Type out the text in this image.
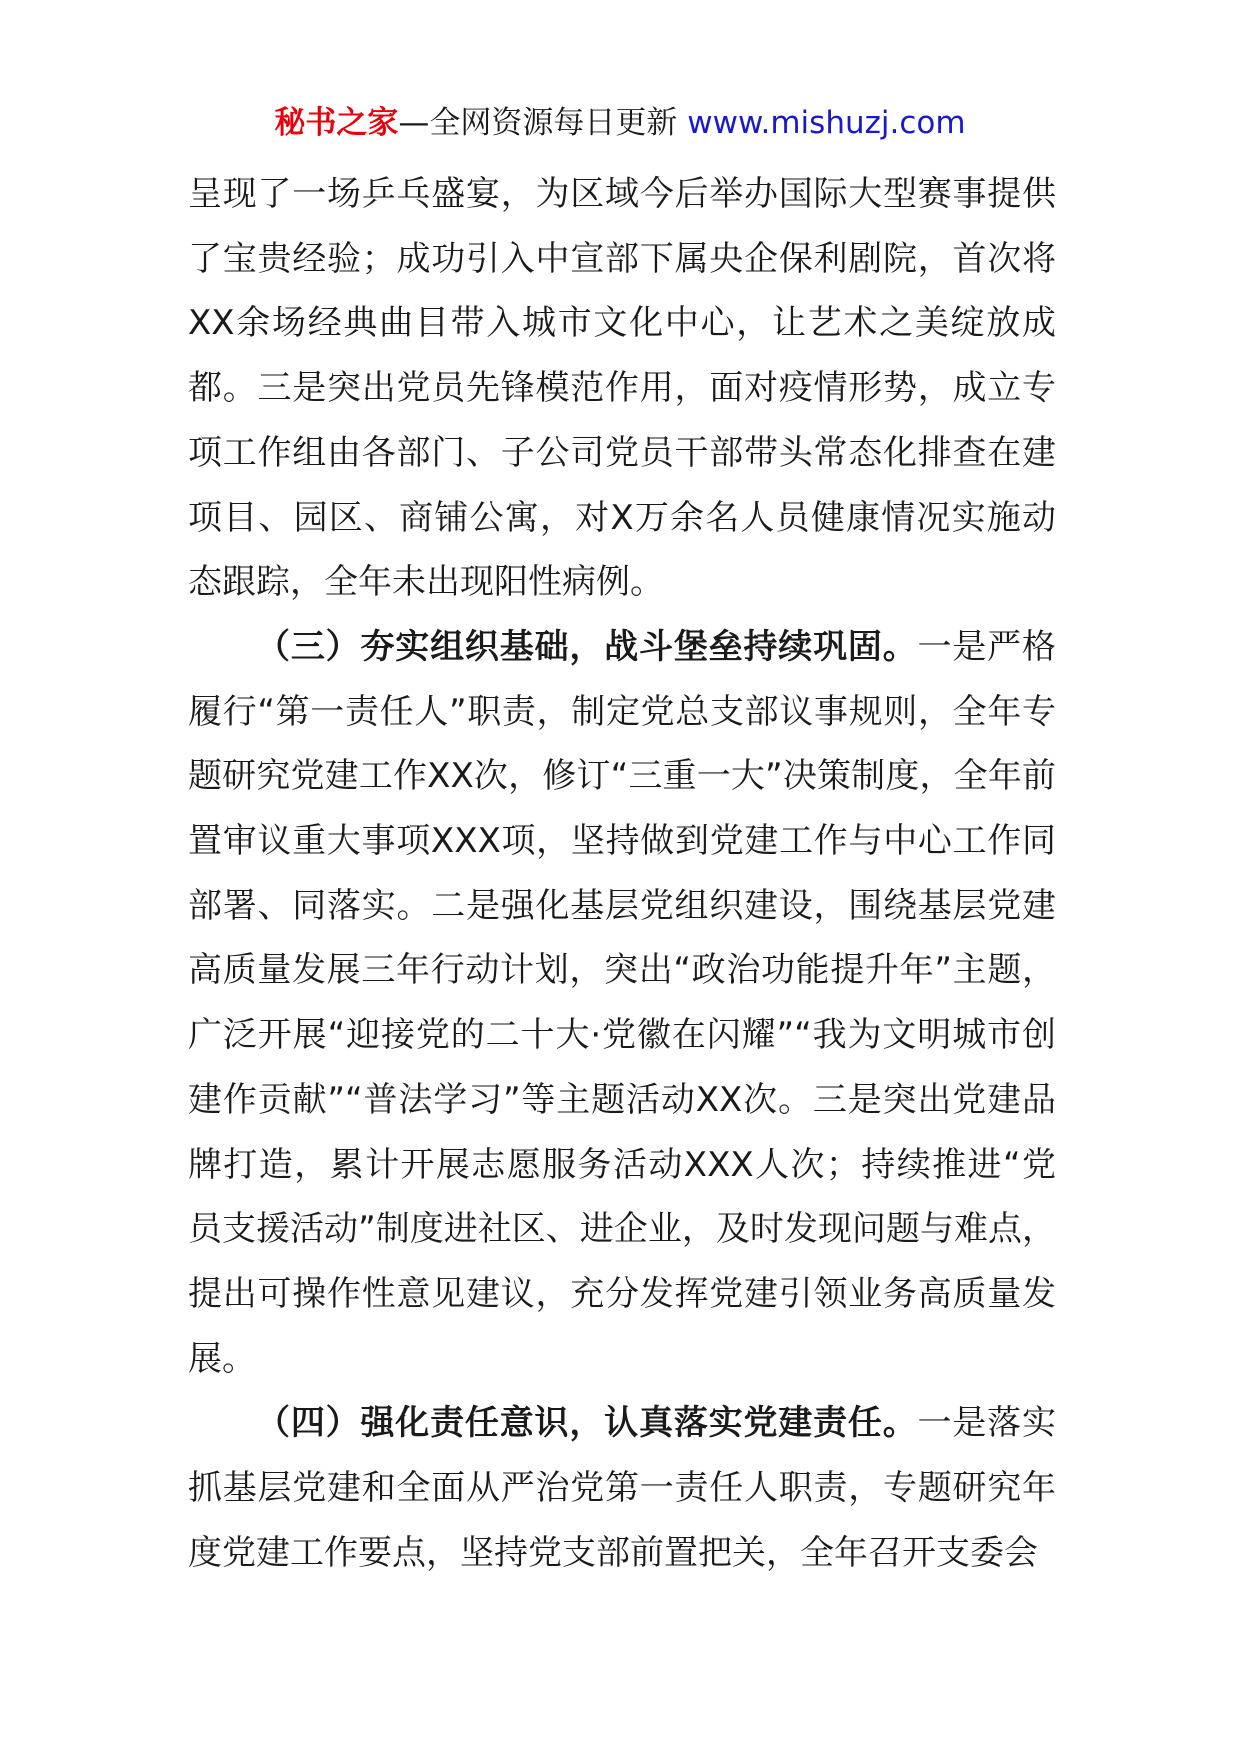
秘书之家—全网资源每日更新 www.mishuzj.com

呈现了一场乒乓盛宴，为区域今后举办国际大型赛事提供了宝贵经验；成功引入中宣部下属央企保利剧院，首次将XX余场经典曲目带入城市文化中心，让艺术之美绽放成都。三是突出党员先锋模范作用，面对疫情形势，成立专项工作组由各部门、子公司党员干部带头常态化排查在建项目、园区、商铺公寓，对X万余名人员健康情况实施动态跟踪，全年未出现阳性病例。

（三）夯实组织基础，战斗堡垒持续巩固。一是严格履行“第一责任人”职责，制定党总支部议事规则，全年专题研究党建工作XX次，修订“三重一大”决策制度，全年前置审议重大事项XXX项，坚持做到党建工作与中心工作同部署、同落实。二是强化基层党组织建设，围绕基层党建高质量发展三年行动计划，突出“政治功能提升年”主题，广泛开展“迎接党的二十大·党徽在闪耀”“我为文明城市创建作贡献”“普法学习”等主题活动XX次。三是突出党建品牌打造，累计开展志愿服务活动XXX人次；持续推进“党员支援活动”制度进社区、进企业，及时发现问题与难点，提出可操作性意见建议，充分发挥党建引领业务高质量发展。

（四）强化责任意识，认真落实党建责任。一是落实抓基层党建和全面从严治党第一责任人职责，专题研究年度党建工作要点，坚持党支部前置把关，全年召开支委会
